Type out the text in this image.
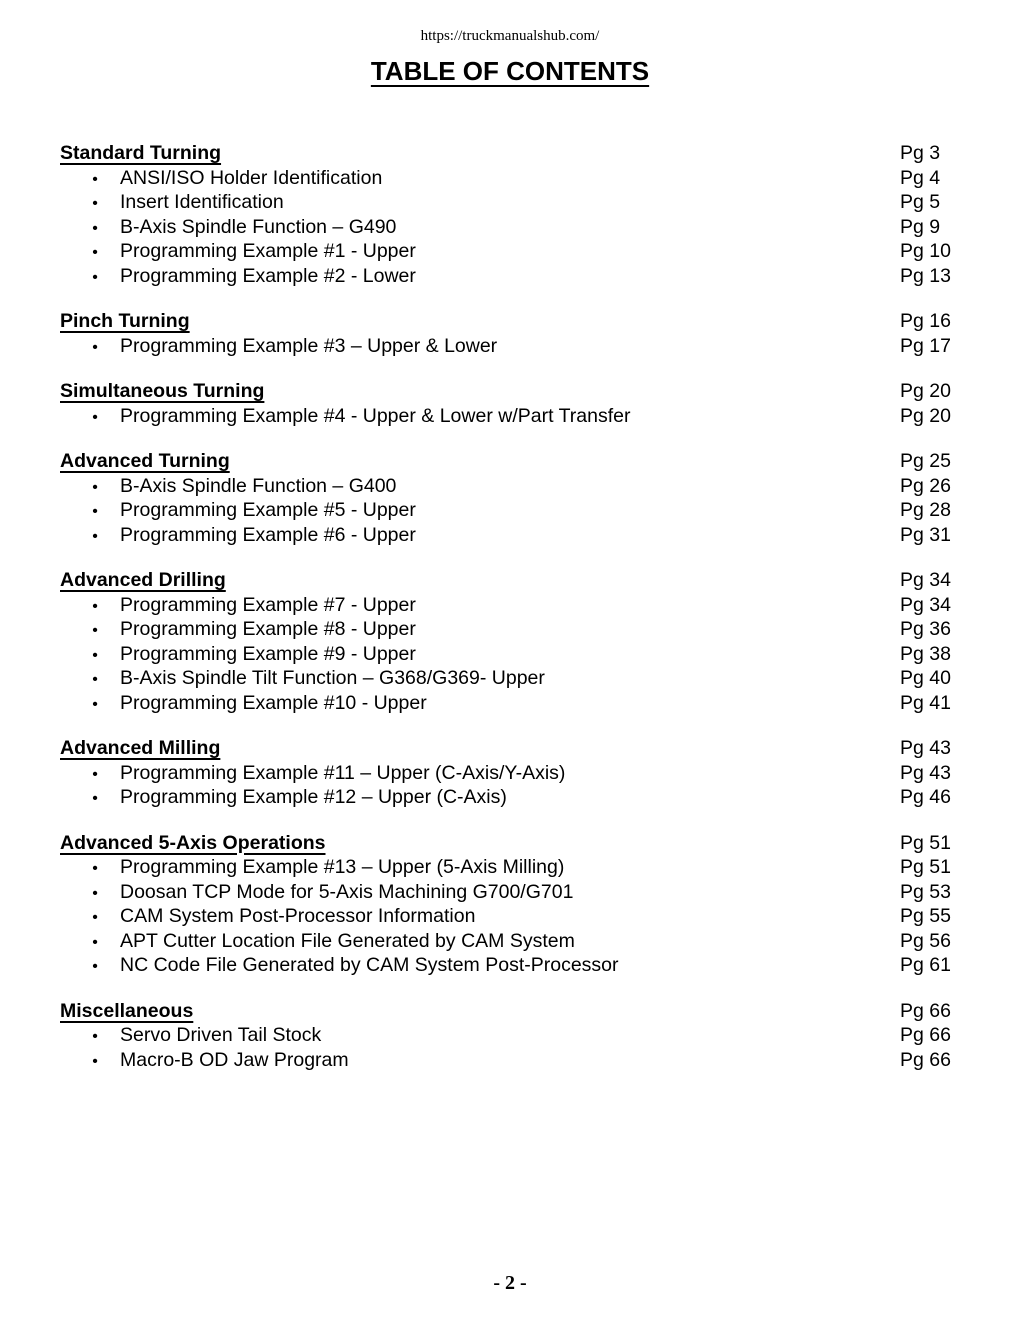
https://truckmanualshub.com/
TABLE OF CONTENTS
Standard Turning	Pg 3
•	ANSI/ISO Holder Identification	Pg 4
•	Insert Identification	Pg 5
•	B-Axis Spindle Function – G490	Pg 9
•	Programming Example #1 - Upper	Pg 10
•	Programming Example #2 - Lower	Pg 13
Pinch Turning	Pg 16
•	Programming Example #3 – Upper & Lower	Pg 17
Simultaneous Turning	Pg 20
•	Programming Example #4 - Upper & Lower w/Part Transfer	Pg 20
Advanced Turning	Pg 25
•	B-Axis Spindle Function – G400	Pg 26
•	Programming Example #5 - Upper	Pg 28
•	Programming Example #6 - Upper	Pg 31
Advanced Drilling	Pg 34
•	Programming Example #7 - Upper	Pg 34
•	Programming Example #8 - Upper	Pg 36
•	Programming Example #9 - Upper	Pg 38
•	B-Axis Spindle Tilt Function – G368/G369- Upper	Pg 40
•	Programming Example #10 - Upper	Pg 41
Advanced Milling	Pg 43
•	Programming Example #11 – Upper (C-Axis/Y-Axis)	Pg 43
•	Programming Example #12 – Upper (C-Axis)	Pg 46
Advanced 5-Axis Operations	Pg 51
•	Programming Example #13 – Upper (5-Axis Milling)	Pg 51
•	Doosan TCP Mode for 5-Axis Machining G700/G701	Pg 53
•	CAM System Post-Processor Information	Pg 55
•	APT Cutter Location File Generated by CAM System	Pg 56
•	NC Code File Generated by CAM System Post-Processor	Pg 61
Miscellaneous	Pg 66
•	Servo Driven Tail Stock	Pg 66
•	Macro-B OD Jaw Program	Pg 66
- 2 -
